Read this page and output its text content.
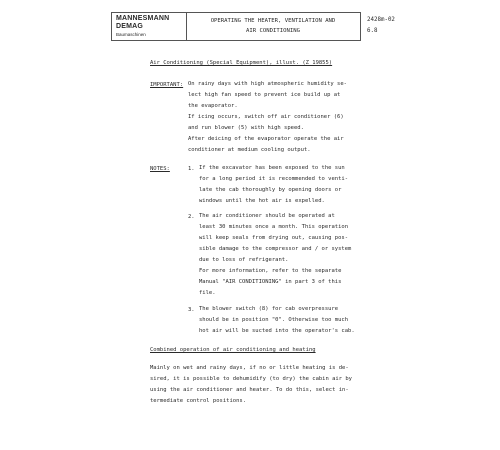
MANNESMANN
DEMAG
Baumaschinen
OPERATING THE HEATER, VENTILATION AND
AIR CONDITIONING
2428m-02
6.8
Air Conditioning (Special Equipment), illust. (Z 19855)
IMPORTANT: On rainy days with high atmospheric humidity se-
lect high fan speed to prevent ice build up at
the evaporator.
If icing occurs, switch off air conditioner (6)
and run blower (5) with high speed.
After deicing of the evaporator operate the air
conditioner at medium cooling output.
NOTES:	1. If the excavator has been exposed to the sun
for a long period it is recommended to venti-
late the cab thoroughly by opening doors or
windows until the hot air is expelled.
2. The air conditioner should be operated at
least 30 minutes once a month. This operation
will keep seals from drying out, causing pos-
sible damage to the compressor and / or system
due to loss of refrigerant.
For more information, refer to the separate
Manual "AIR CONDITIONING" in part 3 of this
file.
3. The blower switch (8) for cab overpressure
should be in position "0". Otherwise too much
hot air will be sucted into the operator's cab.
Combined operation of air conditioning and heating
Mainly on wet and rainy days, if no or little heating is de-
sired, it is possible to dehumidify (to dry) the cabin air by
using the air conditioner and heater. To do this, select in-
termediate control positions.
